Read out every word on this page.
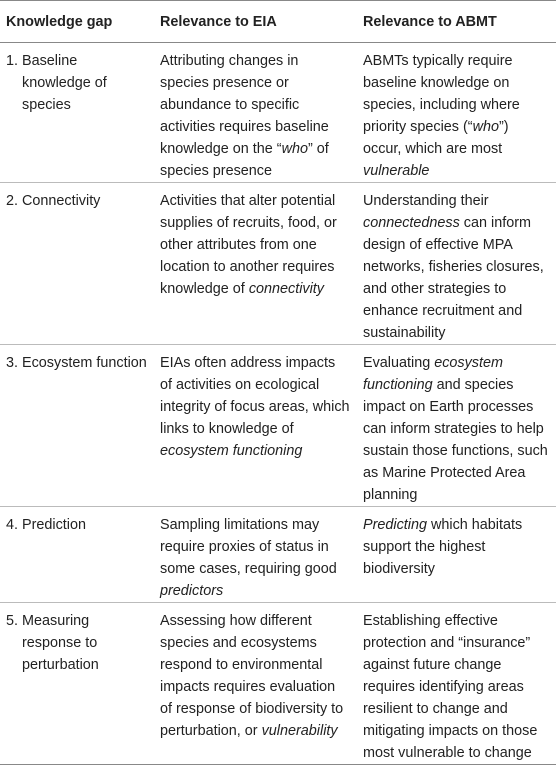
Knowledge gap	Relevance to EIA	Relevance to ABMT

1. Baseline knowledge of species	Attributing changes in species presence or abundance to specific activities requires baseline knowledge on the “who” of species presence	ABMTs typically require baseline knowledge on species, including where priority species (“who”) occur, which are most vulnerable

2. Connectivity	Activities that alter potential supplies of recruits, food, or other attributes from one location to another requires knowledge of connectivity	Understanding their connectedness can inform design of effective MPA networks, fisheries closures, and other strategies to enhance recruitment and sustainability

3. Ecosystem function	EIAs often address impacts of activities on ecological integrity of focus areas, which links to knowledge of ecosystem functioning	Evaluating ecosystem functioning and species impact on Earth processes can inform strategies to help sustain those functions, such as Marine Protected Area planning

4. Prediction	Sampling limitations may require proxies of status in some cases, requiring good predictors	Predicting which habitats support the highest biodiversity

5. Measuring response to perturbation	Assessing how different species and ecosystems respond to environmental impacts requires evaluation of response of biodiversity to perturbation, or vulnerability	Establishing effective protection and “insurance” against future change requires identifying areas resilient to change and mitigating impacts on those most vulnerable to change
